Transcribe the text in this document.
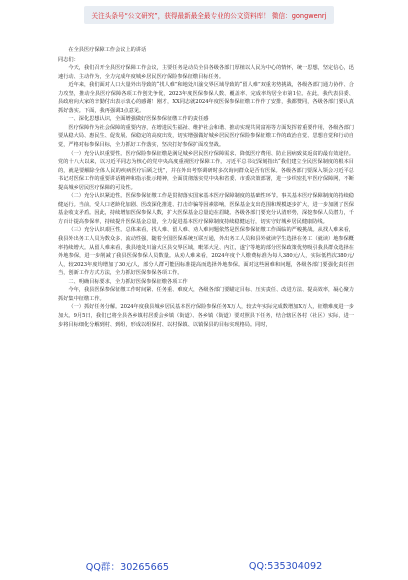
关注头条号“公文研究”，获得最新最全最专业的公文资料库！ 微信：gongwenrj

在全县医疗保障工作会议上的讲话

同志们：

今天，我们召开全县医疗保障工作会议，主要任务是动员全县各级各部门厚植以人民为中心的情怀，统一思想，坚定信心，迅速行动、主动作为，全力完成年度城乡居民医疗保险参保征缴目标任务。

近年来，我们面对人口大量外出导致的“找人难”和地处川渝交界区域导致的“留人难”双重劣势挑战，各级各部门通力协作、合力攻坚，推动全县医疗保障各项工作创先争优，2023年度医保参保人数、覆盖率、完成率均居全市第1位。在此，我代表县委、县政府向大家的辛勤付出表示衷心的感谢！刚才，XX同志就2024年度医保参保征缴工作作了安排，我都赞同，各级各部门要认真抓好落实。下面，我再强调3点意见。

一、深化思想认识，全面增强做好医保参保征缴工作的责任感

医疗保障作为社会保障的重要内容，在增进民生福祉、维护社会和谐、推动实现共同富裕等方面发挥着重要作用，各级各部门要从稳大局、惠民生、促发展、保稳定的高度出发，切实增强做好城乡居民医疗保险参保征缴工作的政治自觉、思想自觉和行动自觉，严格对标参保目标，全力抓好工作落实，坚决打好参保扩面攻坚战。

（一）充分认识重要性。医疗保险参保征缴是满足城乡居民医疗保障需求、降低医疗费用、防止因病致贫返贫的最有效途径。党的十八大以来，以习近平同志为核心的党中央高度重视医疗保障工作。习近平总书记深刻指出“我们建立全民医保制度的根本目的，就是要解除全体人民的疾病医疗后顾之忧”，并在外出考察调研时多次询问群众是否有医保。各级各部门要深入领会习近平总书记对医保工作的重要讲话精神和指示批示精神，全面贯彻落实党中央和省委、市委决策部署，进一步织密扎牢医疗保障网，不断提高城乡居民医疗保障的可及性。

（二）充分认识紧迫性。医保参保征缴工作是贯彻落实国家基本医疗保障制度的基础性环节。事关基本医疗保障制度的持续稳健运行。当前，受人口老龄化加剧、医改深化推进、打击诈骗等因素影响，医保基金支出范围和规模逐步扩大，进一步加剧了医保基金收支矛盾。因此，持续增加医保参保人数，扩大医保基金总量迫在眉睫。各级各部门要充分认清形势，深挖参保人员潜力，千方百计提高参保率，持续提升医保基金总量，全力促进基本医疗保障制度持续稳健运行，切实守好城乡居民健康防线。

（三）充分认识艰巨性。总体来看，找人难、留人难、劝人难问题依然是医保参保征缴工作面临的严峻挑战。从找人难来看，我县外出务工人员为数众多、流动性强，随着全国医保系统互联互通，外出务工人员和县外就读学生选择在务工（就读）地参保概率持续增大。从留人难来看，我县地处川渝大区县交界区域，毗邻大足、内江，遂宁等地的部分医保政策优势吸引我县群众选择在外地参保，进一步削减了我县医保参保人员数量。从劝人难来看，2024年度个人缴费标准为每人380元/人，实际低档次380元/人，较2023年度均增加了30元/人，部分人群可能因标准提高而选择外地参保。面对这些困难和问题，各级各部门要强化责任担当，创新工作方式方法，全力抓好医保参保各项工作。

二、明确目标要求，全力抓好医保参保征缴各项工作

今年，我县医保参保征缴工作时间紧、任务重、难度大，各级各部门要瞄定目标、压实责任、改进方法、提高效率，凝心聚力抓好集中征缴工作。

（一）抓好任务分解。2024年度我县城乡居民基本医疗保险参保任务X万人，较去年实际完成数增加X万人，征缴难度进一步加大。9月5日，我们已将全县各乡镇村居委会乡镇（街道）、各乡镇（街道）要对照县下任务，结合辖区各村（社区）实际，进一步将目标细化分解到村、到组，形成以组保村、以村保镇、以镇保县的目标实现格局。同时，

QQ群：30265665	QQ:535304092
